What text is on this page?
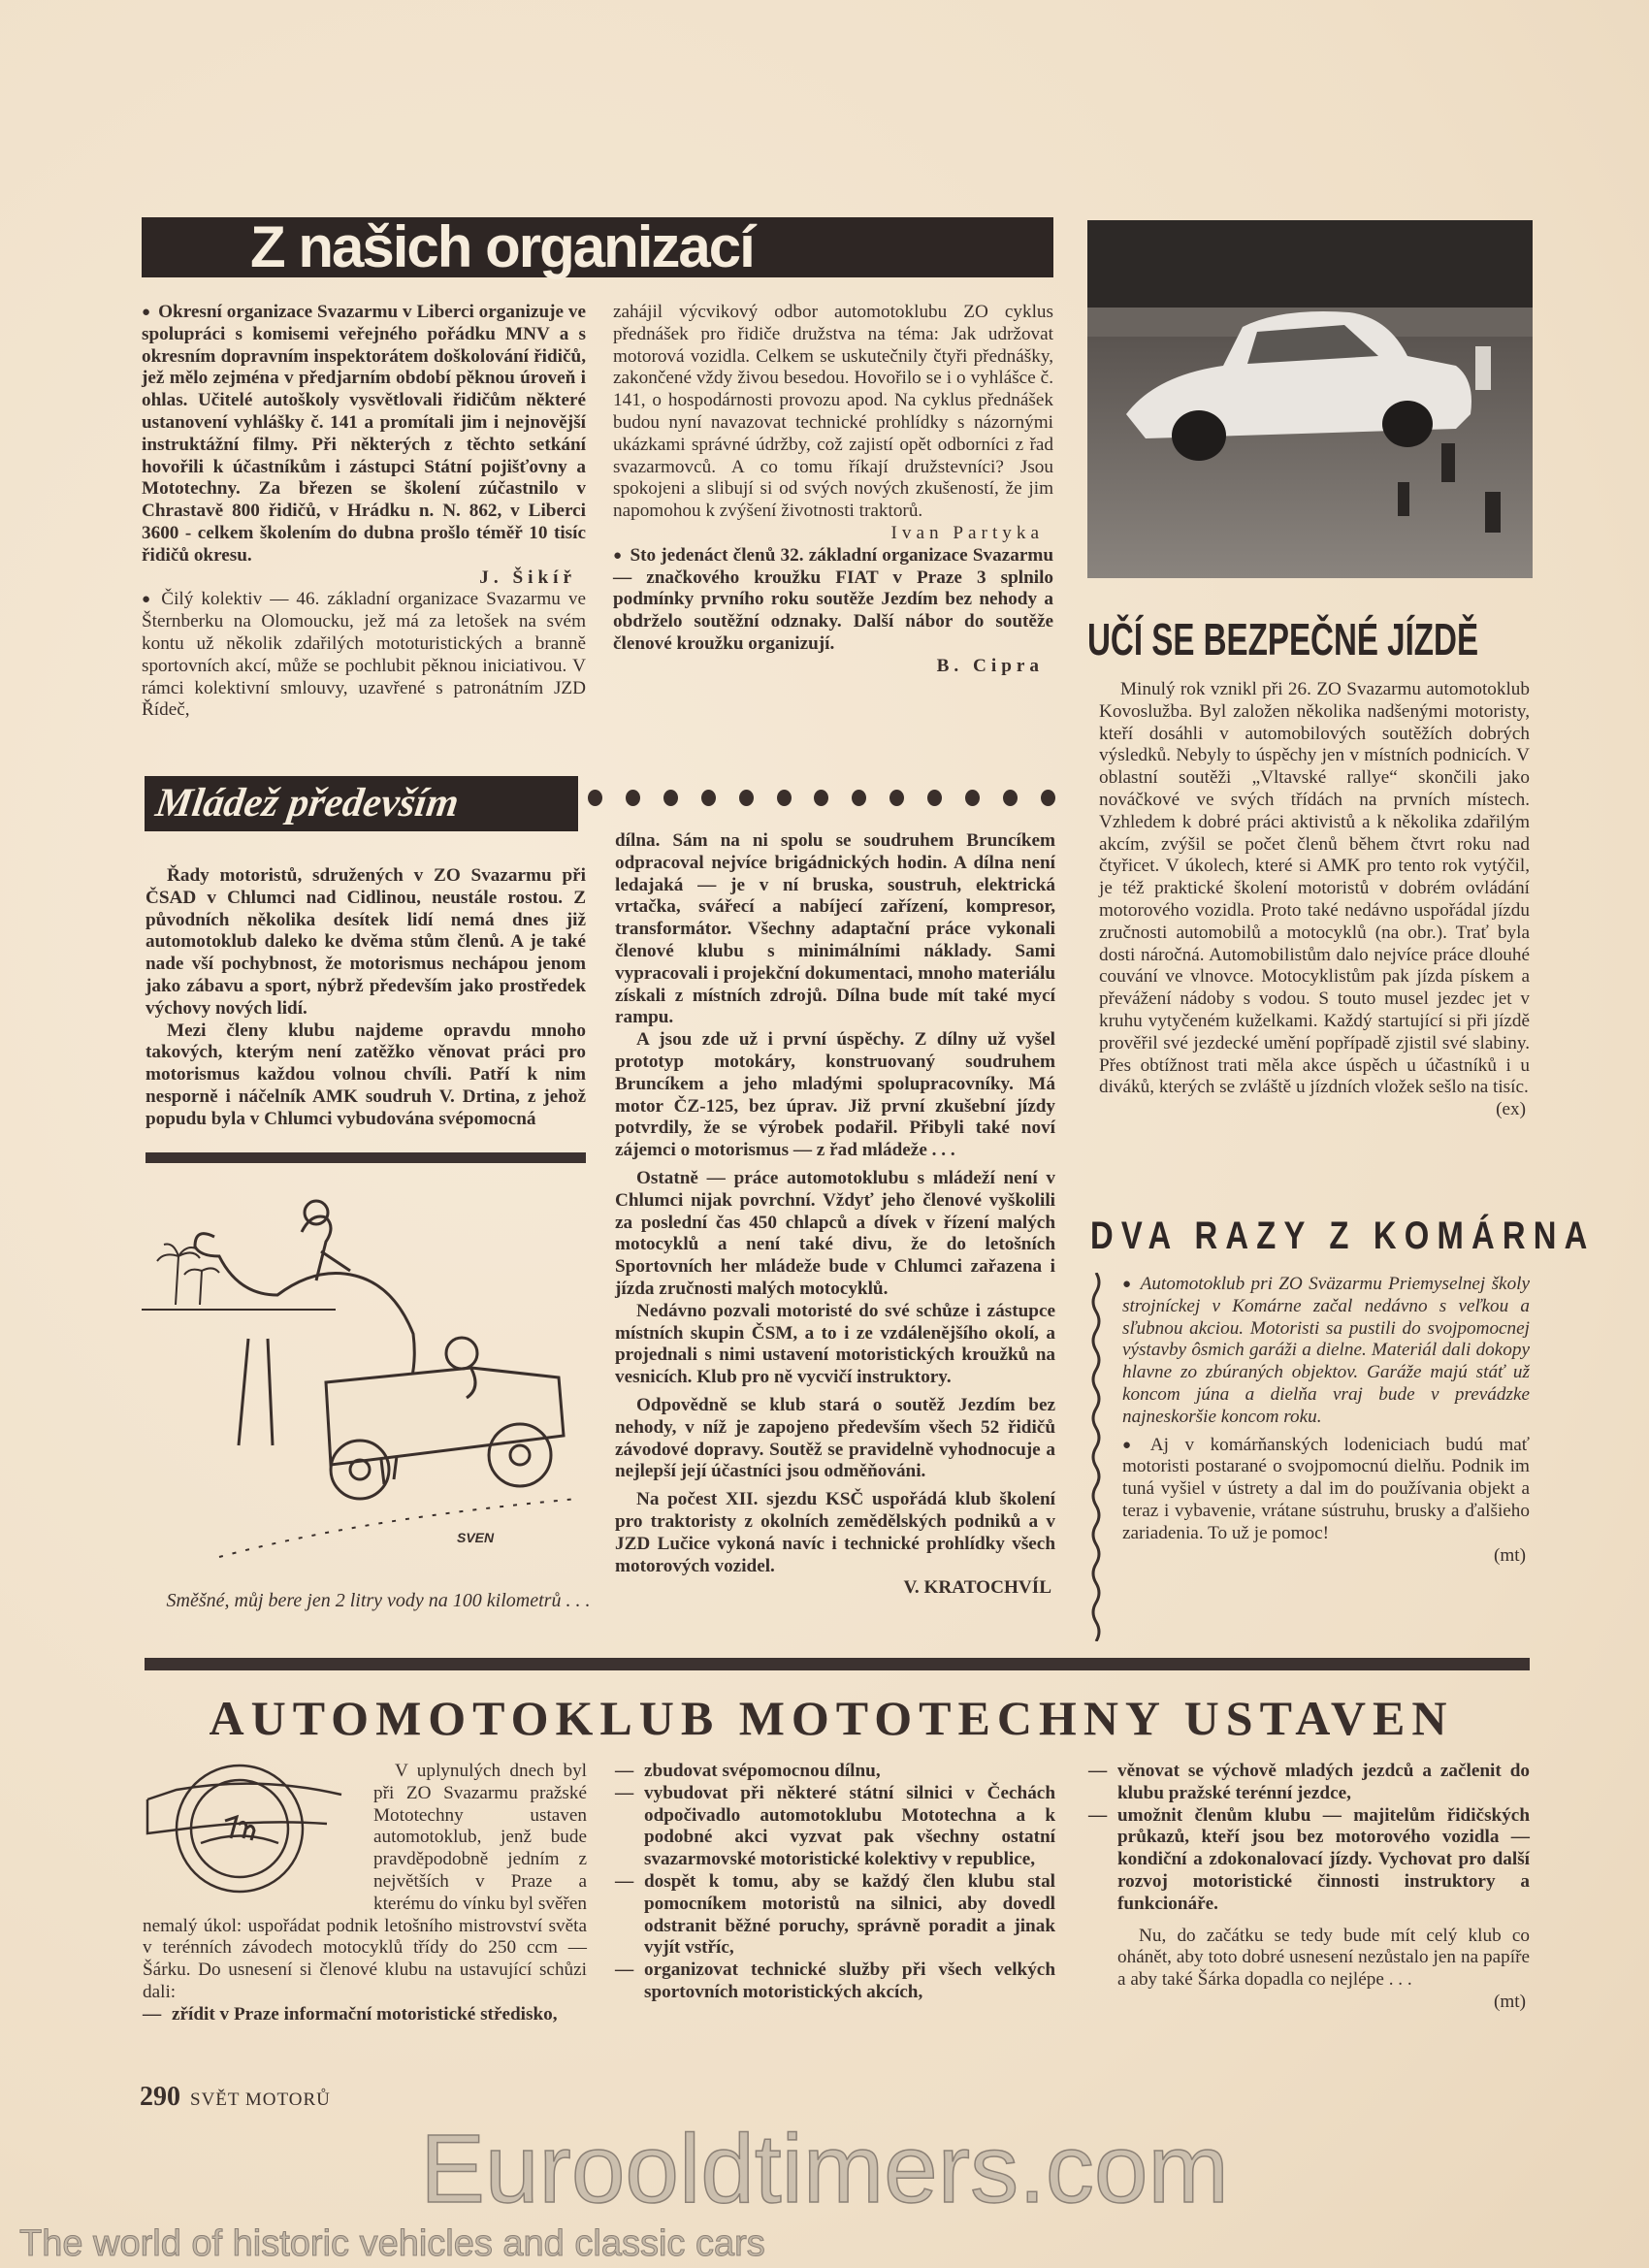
Z našich organizací

● Okresní organizace Svazarmu v Liberci organizuje ve spolupráci s komisemi veřejného pořádku MNV a s okresním dopravním inspektorátem doškolování řidičů, jež mělo zejména v předjarním období pěknou úroveň i ohlas. Učitelé autoškoly vysvětlovali řidičům některé ustanovení vyhlášky č. 141 a promítali jim i nejnovější instruktážní filmy. Při některých z těchto setkání hovořili k účastníkům i zástupci Státní pojišťovny a Mototechny. Za březen se školení zúčastnilo v Chrastavě 800 řidičů, v Hrádku n. N. 862, v Liberci 3600 - celkem školením do dubna prošlo téměř 10 tisíc řidičů okresu.

J. Šikíř

● Čilý kolektiv — 46. základní organizace Svazarmu ve Šternberku na Olomoucku, jež má za letošek na svém kontu už několik zdařilých mototuristických a branně sportovních akcí, může se pochlubit pěknou iniciativou. V rámci kolektivní smlouvy, uzavřené s patronátním JZD Řídeč,

zahájil výcvikový odbor automotoklubu ZO cyklus přednášek pro řidiče družstva na téma: Jak udržovat motorová vozidla. Celkem se uskutečnily čtyři přednášky, zakončené vždy živou besedou. Hovořilo se i o vyhlášce č. 141, o hospodárnosti provozu apod. Na cyklus přednášek budou nyní navazovat technické prohlídky s názornými ukázkami správné údržby, což zajistí opět odborníci z řad svazarmovců. A co tomu říkají družstevníci? Jsou spokojeni a slibují si od svých nových zkušeností, že jim napomohou k zvýšení životnosti traktorů.

Ivan Partyka

● Sto jedenáct členů 32. základní organizace Svazarmu — značkového kroužku FIAT v Praze 3 splnilo podmínky prvního roku soutěže Jezdím bez nehody a obdrželo soutěžní odznaky. Další nábor do soutěže členové kroužku organizují.

B. Cipra

UČÍ SE BEZPEČNÉ JÍZDĚ

Minulý rok vznikl při 26. ZO Svazarmu automotoklub Kovoslužba. Byl založen několika nadšenými motoristy, kteří dosáhli v automobilových soutěžích dobrých výsledků. Nebyly to úspěchy jen v místních podnicích. V oblastní soutěži „Vltavské rallye“ skončili jako nováčkové ve svých třídách na prvních místech. Vzhledem k dobré práci aktivistů a k několika zdařilým akcím, zvýšil se počet členů během čtvrt roku nad čtyřicet. V úkolech, které si AMK pro tento rok vytýčil, je též praktické školení motoristů v dobrém ovládání motorového vozidla. Proto také nedávno uspořádal jízdu zručnosti automobilů a motocyklů (na obr.). Trať byla dosti náročná. Automobilistům dalo nejvíce práce dlouhé couvání ve vlnovce. Motocyklistům pak jízda pískem a převážení nádoby s vodou. S touto musel jezdec jet v kruhu vytyčeném kuželkami. Každý startující si při jízdě prověřil své jezdecké umění popřípadě zjistil své slabiny. Přes obtížnost trati měla akce úspěch u účastníků i u diváků, kterých se zvláště u jízdních vložek sešlo na tisíc.

(ex)

Mládež především

Řady motoristů, sdružených v ZO Svazarmu při ČSAD v Chlumci nad Cidlinou, neustále rostou. Z původních několika desítek lidí nemá dnes již automotoklub daleko ke dvěma stům členů. A je také nade vší pochybnost, že motorismus nechápou jenom jako zábavu a sport, nýbrž především jako prostředek výchovy nových lidí.

Mezi členy klubu najdeme opravdu mnoho takových, kterým není zatěžko věnovat práci pro motorismus každou volnou chvíli. Patří k nim nesporně i náčelník AMK soudruh V. Drtina, z jehož popudu byla v Chlumci vybudována svépomocná

SVEN
Směšné, můj bere jen 2 litry vody na 100 kilometrů . . .

dílna. Sám na ni spolu se soudruhem Bruncíkem odpracoval nejvíce brigádnických hodin. A dílna není ledajaká — je v ní bruska, soustruh, elektrická vrtačka, svářecí a nabíjecí zařízení, kompresor, transformátor. Všechny adaptační práce vykonali členové klubu s minimálními náklady. Sami vypracovali i projekční dokumentaci, mnoho materiálu získali z místních zdrojů. Dílna bude mít také mycí rampu.

A jsou zde už i první úspěchy. Z dílny už vyšel prototyp motokáry, konstruovaný soudruhem Bruncíkem a jeho mladými spolupracovníky. Má motor ČZ-125, bez úprav. Již první zkušební jízdy potvrdily, že se výrobek podařil. Přibyli také noví zájemci o motorismus — z řad mládeže . . .

Ostatně — práce automotoklubu s mládeží není v Chlumci nijak povrchní. Vždyť jeho členové vyškolili za poslední čas 450 chlapců a dívek v řízení malých motocyklů a není také divu, že do letošních Sportovních her mládeže bude v Chlumci zařazena i jízda zručnosti malých motocyklů.

Nedávno pozvali motoristé do své schůze i zástupce místních skupin ČSM, a to i ze vzdálenějšího okolí, a projednali s nimi ustavení motoristických kroužků na vesnicích. Klub pro ně vycvičí instruktory.

Odpovědně se klub stará o soutěž Jezdím bez nehody, v níž je zapojeno především všech 52 řidičů závodové dopravy. Soutěž se pravidelně vyhodnocuje a nejlepší její účastníci jsou odměňováni.

Na počest XII. sjezdu KSČ uspořádá klub školení pro traktoristy z okolních zemědělských podniků a v JZD Lučice vykoná navíc i technické prohlídky všech motorových vozidel.

V. KRATOCHVÍL

DVA RAZY Z KOMÁRNA

● Automotoklub pri ZO Sväzarmu Priemyselnej školy strojníckej v Komárne začal nedávno s veľkou a sľubnou akciou. Motoristi sa pustili do svojpomocnej výstavby ôsmich garáži a dielne. Materiál dali dokopy hlavne zo zbúraných objektov. Garáže majú stáť už koncom júna a dielňa vraj bude v prevádzke najneskoršie koncom roku.

● Aj v komárňanských lodeniciach budú mať motoristi postarané o svojpomocnú dielňu. Podnik im tuná vyšiel v ústrety a dal im do používania objekt a teraz i vybavenie, vrátane sústruhu, brusky a ďalšieho zariadenia. To už je pomoc!

(mt)

AUTOMOTOKLUB MOTOTECHNY USTAVEN

V uplynulých dnech byl při ZO Svazarmu pražské Mototechny ustaven automotoklub, jenž bude pravděpodobně jedním z největších v Praze a kterému do vínku byl svěřen nemalý úkol: uspořádat podnik letošního mistrovství světa v terénních závodech motocyklů třídy do 250 ccm — Šárku. Do usnesení si členové klubu na ustavující schůzi dali:

— zřídit v Praze informační motoristické středisko,

— zbudovat svépomocnou dílnu,

— vybudovat při některé státní silnici v Čechách odpočivadlo automotoklubu Mototechna a k podobné akci vyzvat pak všechny ostatní svazarmovské motoristické kolektivy v republice,

— dospět k tomu, aby se každý člen klubu stal pomocníkem motoristů na silnici, aby dovedl odstranit běžné poruchy, správně poradit a jinak vyjít vstříc,

— organizovat technické služby při všech velkých sportovních motoristických akcích,

— věnovat se výchově mladých jezdců a začlenit do klubu pražské terénní jezdce,

— umožnit členům klubu — majitelům řidičských průkazů, kteří jsou bez motorového vozidla — kondiční a zdokonalovací jízdy. Vychovat pro další rozvoj motoristické činnosti instruktory a funkcionáře.

Nu, do začátku se tedy bude mít celý klub co ohánět, aby toto dobré usnesení nezůstalo jen na papíře a aby také Šárka dopadla co nejlépe . . .

(mt)

290 SVĚT MOTORŮ
Eurooldtimers.com
The world of historic vehicles and classic cars
